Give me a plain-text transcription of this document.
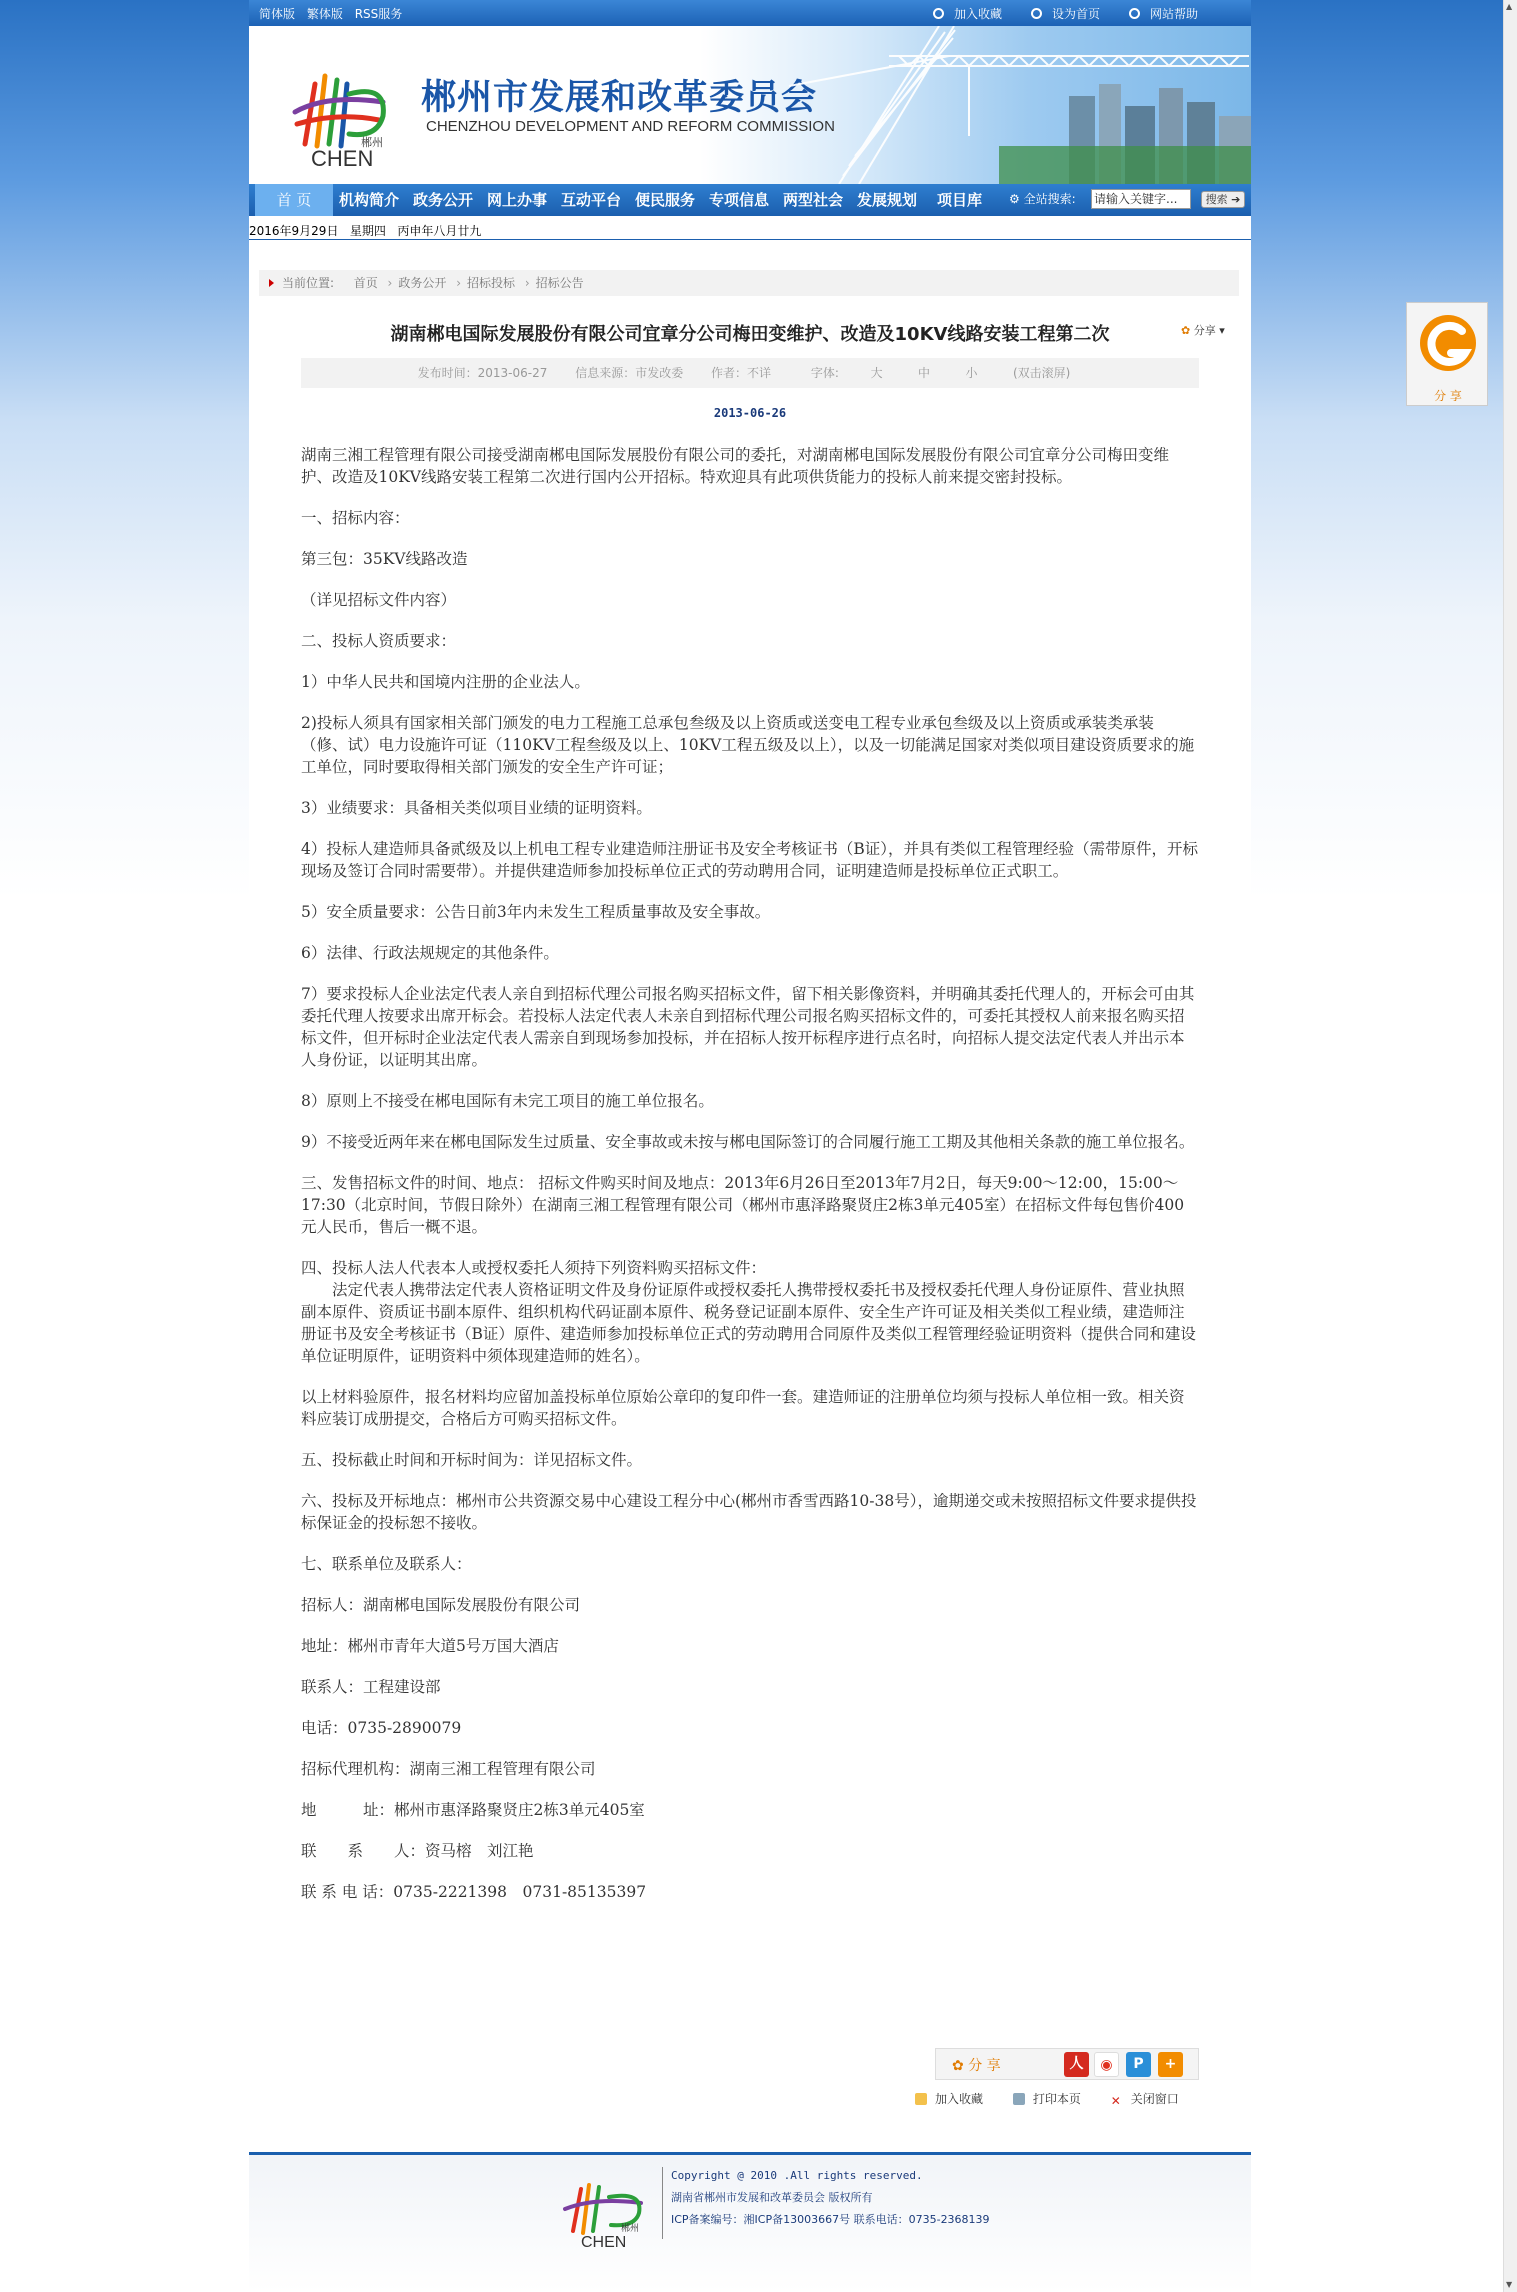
简体版 繁体版 RSS服务	加入收藏	设为首页	网站帮助
郴州
CHEN
郴州市发展和改革委员会
CHENZHOU DEVELOPMENT AND REFORM COMMISSION
首 页	机构简介 政务公开 网上办事 互动平台 便民服务 专项信息 两型社会 发展规划 项目库 ⚙ 全站搜索: 请输入关键字...	搜索 ➔
2016年9月29日 星期四 丙申年八月廿九
当前位置: 首页 › 政务公开 › 招标投标 › 招标公告
湖南郴电国际发展股份有限公司宜章分公司梅田变维护、改造及10KV线路安装工程第二次	✿ 分享 ▾
发布时间：2013-06-27 信息来源：市发改委 作者：不详	字体:	大	中	小	(双击滚屏)
2013-06-26

湖南三湘工程管理有限公司接受湖南郴电国际发展股份有限公司的委托，对湖南郴电国际发展股份有限公司宜章分公司梅田变维护、改造及10KV线路安装工程第二次进行国内公开招标。特欢迎具有此项供货能力的投标人前来提交密封投标。

一、招标内容：

第三包：35KV线路改造

（详见招标文件内容）

二、投标人资质要求：

1）中华人民共和国境内注册的企业法人。

2)投标人须具有国家相关部门颁发的电力工程施工总承包叁级及以上资质或送变电工程专业承包叁级及以上资质或承装类承装（修、试）电力设施许可证（110KV工程叁级及以上、10KV工程五级及以上），以及一切能满足国家对类似项目建设资质要求的施工单位，同时要取得相关部门颁发的安全生产许可证；

3）业绩要求：具备相关类似项目业绩的证明资料。

4）投标人建造师具备贰级及以上机电工程专业建造师注册证书及安全考核证书（B证），并具有类似工程管理经验（需带原件，开标现场及签订合同时需要带）。并提供建造师参加投标单位正式的劳动聘用合同，证明建造师是投标单位正式职工。

5）安全质量要求：公告日前3年内未发生工程质量事故及安全事故。

6）法律、行政法规规定的其他条件。

7）要求投标人企业法定代表人亲自到招标代理公司报名购买招标文件，留下相关影像资料，并明确其委托代理人的，开标会可由其委托代理人按要求出席开标会。若投标人法定代表人未亲自到招标代理公司报名购买招标文件的，可委托其授权人前来报名购买招标文件，但开标时企业法定代表人需亲自到现场参加投标，并在招标人按开标程序进行点名时，向招标人提交法定代表人并出示本人身份证，以证明其出席。

8）原则上不接受在郴电国际有未完工项目的施工单位报名。

9）不接受近两年来在郴电国际发生过质量、安全事故或未按与郴电国际签订的合同履行施工工期及其他相关条款的施工单位报名。

三、发售招标文件的时间、地点： 招标文件购买时间及地点：2013年6月26日至2013年7月2日，每天9:00～12:00，15:00～17:30（北京时间，节假日除外）在湖南三湘工程管理有限公司（郴州市惠泽路聚贤庄2栋3单元405室）在招标文件每包售价400元人民币，售后一概不退。

四、投标人法人代表本人或授权委托人须持下列资料购买招标文件：
法定代表人携带法定代表人资格证明文件及身份证原件或授权委托人携带授权委托书及授权委托代理人身份证原件、营业执照副本原件、资质证书副本原件、组织机构代码证副本原件、税务登记证副本原件、安全生产许可证及相关类似工程业绩，建造师注册证书及安全考核证书（B证）原件、建造师参加投标单位正式的劳动聘用合同原件及类似工程管理经验证明资料（提供合同和建设单位证明原件，证明资料中须体现建造师的姓名）。

以上材料验原件，报名材料均应留加盖投标单位原始公章印的复印件一套。建造师证的注册单位均须与投标人单位相一致。相关资料应装订成册提交，合格后方可购买招标文件。

五、投标截止时间和开标时间为：详见招标文件。

六、投标及开标地点：郴州市公共资源交易中心建设工程分中心(郴州市香雪西路10-38号），逾期递交或未按照招标文件要求提供投标保证金的投标恕不接收。

七、联系单位及联系人：

招标人：湖南郴电国际发展股份有限公司

地址：郴州市青年大道5号万国大酒店

联系人：工程建设部

电话：0735-2890079

招标代理机构：湖南三湘工程管理有限公司

地　　　址：郴州市惠泽路聚贤庄2栋3单元405室

联　　系　　人：资马榕　刘江艳

联 系 电 话：0735-2221398　0731-85135397

✿ 分 享	人	◉	P	+
加入收藏	打印本页 ✕ 关闭窗口
郴州
CHEN
Copyright @ 2010 .All rights reserved.
湖南省郴州市发展和改革委员会 版权所有
ICP备案编号：湘ICP备13003667号 联系电话：0735-2368139
分 享
▲
▼
